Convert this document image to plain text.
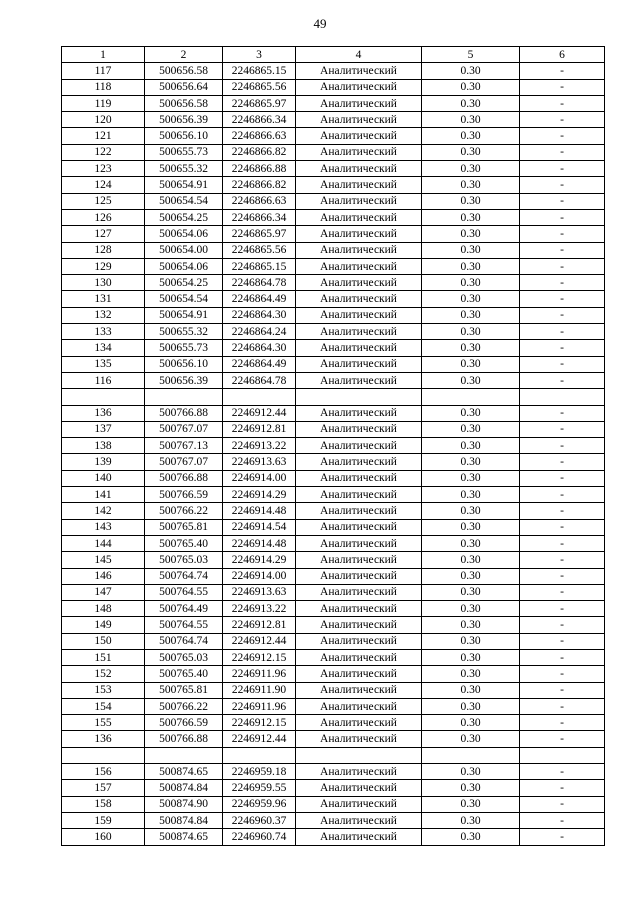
49
1	2	3	4	5	6
117	500656.58	2246865.15	Аналитический	0.30	-
118	500656.64	2246865.56	Аналитический	0.30	-
119	500656.58	2246865.97	Аналитический	0.30	-
120	500656.39	2246866.34	Аналитический	0.30	-
121	500656.10	2246866.63	Аналитический	0.30	-
122	500655.73	2246866.82	Аналитический	0.30	-
123	500655.32	2246866.88	Аналитический	0.30	-
124	500654.91	2246866.82	Аналитический	0.30	-
125	500654.54	2246866.63	Аналитический	0.30	-
126	500654.25	2246866.34	Аналитический	0.30	-
127	500654.06	2246865.97	Аналитический	0.30	-
128	500654.00	2246865.56	Аналитический	0.30	-
129	500654.06	2246865.15	Аналитический	0.30	-
130	500654.25	2246864.78	Аналитический	0.30	-
131	500654.54	2246864.49	Аналитический	0.30	-
132	500654.91	2246864.30	Аналитический	0.30	-
133	500655.32	2246864.24	Аналитический	0.30	-
134	500655.73	2246864.30	Аналитический	0.30	-
135	500656.10	2246864.49	Аналитический	0.30	-
116	500656.39	2246864.78	Аналитический	0.30	-

136	500766.88	2246912.44	Аналитический	0.30	-
137	500767.07	2246912.81	Аналитический	0.30	-
138	500767.13	2246913.22	Аналитический	0.30	-
139	500767.07	2246913.63	Аналитический	0.30	-
140	500766.88	2246914.00	Аналитический	0.30	-
141	500766.59	2246914.29	Аналитический	0.30	-
142	500766.22	2246914.48	Аналитический	0.30	-
143	500765.81	2246914.54	Аналитический	0.30	-
144	500765.40	2246914.48	Аналитический	0.30	-
145	500765.03	2246914.29	Аналитический	0.30	-
146	500764.74	2246914.00	Аналитический	0.30	-
147	500764.55	2246913.63	Аналитический	0.30	-
148	500764.49	2246913.22	Аналитический	0.30	-
149	500764.55	2246912.81	Аналитический	0.30	-
150	500764.74	2246912.44	Аналитический	0.30	-
151	500765.03	2246912.15	Аналитический	0.30	-
152	500765.40	2246911.96	Аналитический	0.30	-
153	500765.81	2246911.90	Аналитический	0.30	-
154	500766.22	2246911.96	Аналитический	0.30	-
155	500766.59	2246912.15	Аналитический	0.30	-
136	500766.88	2246912.44	Аналитический	0.30	-

156	500874.65	2246959.18	Аналитический	0.30	-
157	500874.84	2246959.55	Аналитический	0.30	-
158	500874.90	2246959.96	Аналитический	0.30	-
159	500874.84	2246960.37	Аналитический	0.30	-
160	500874.65	2246960.74	Аналитический	0.30	-
